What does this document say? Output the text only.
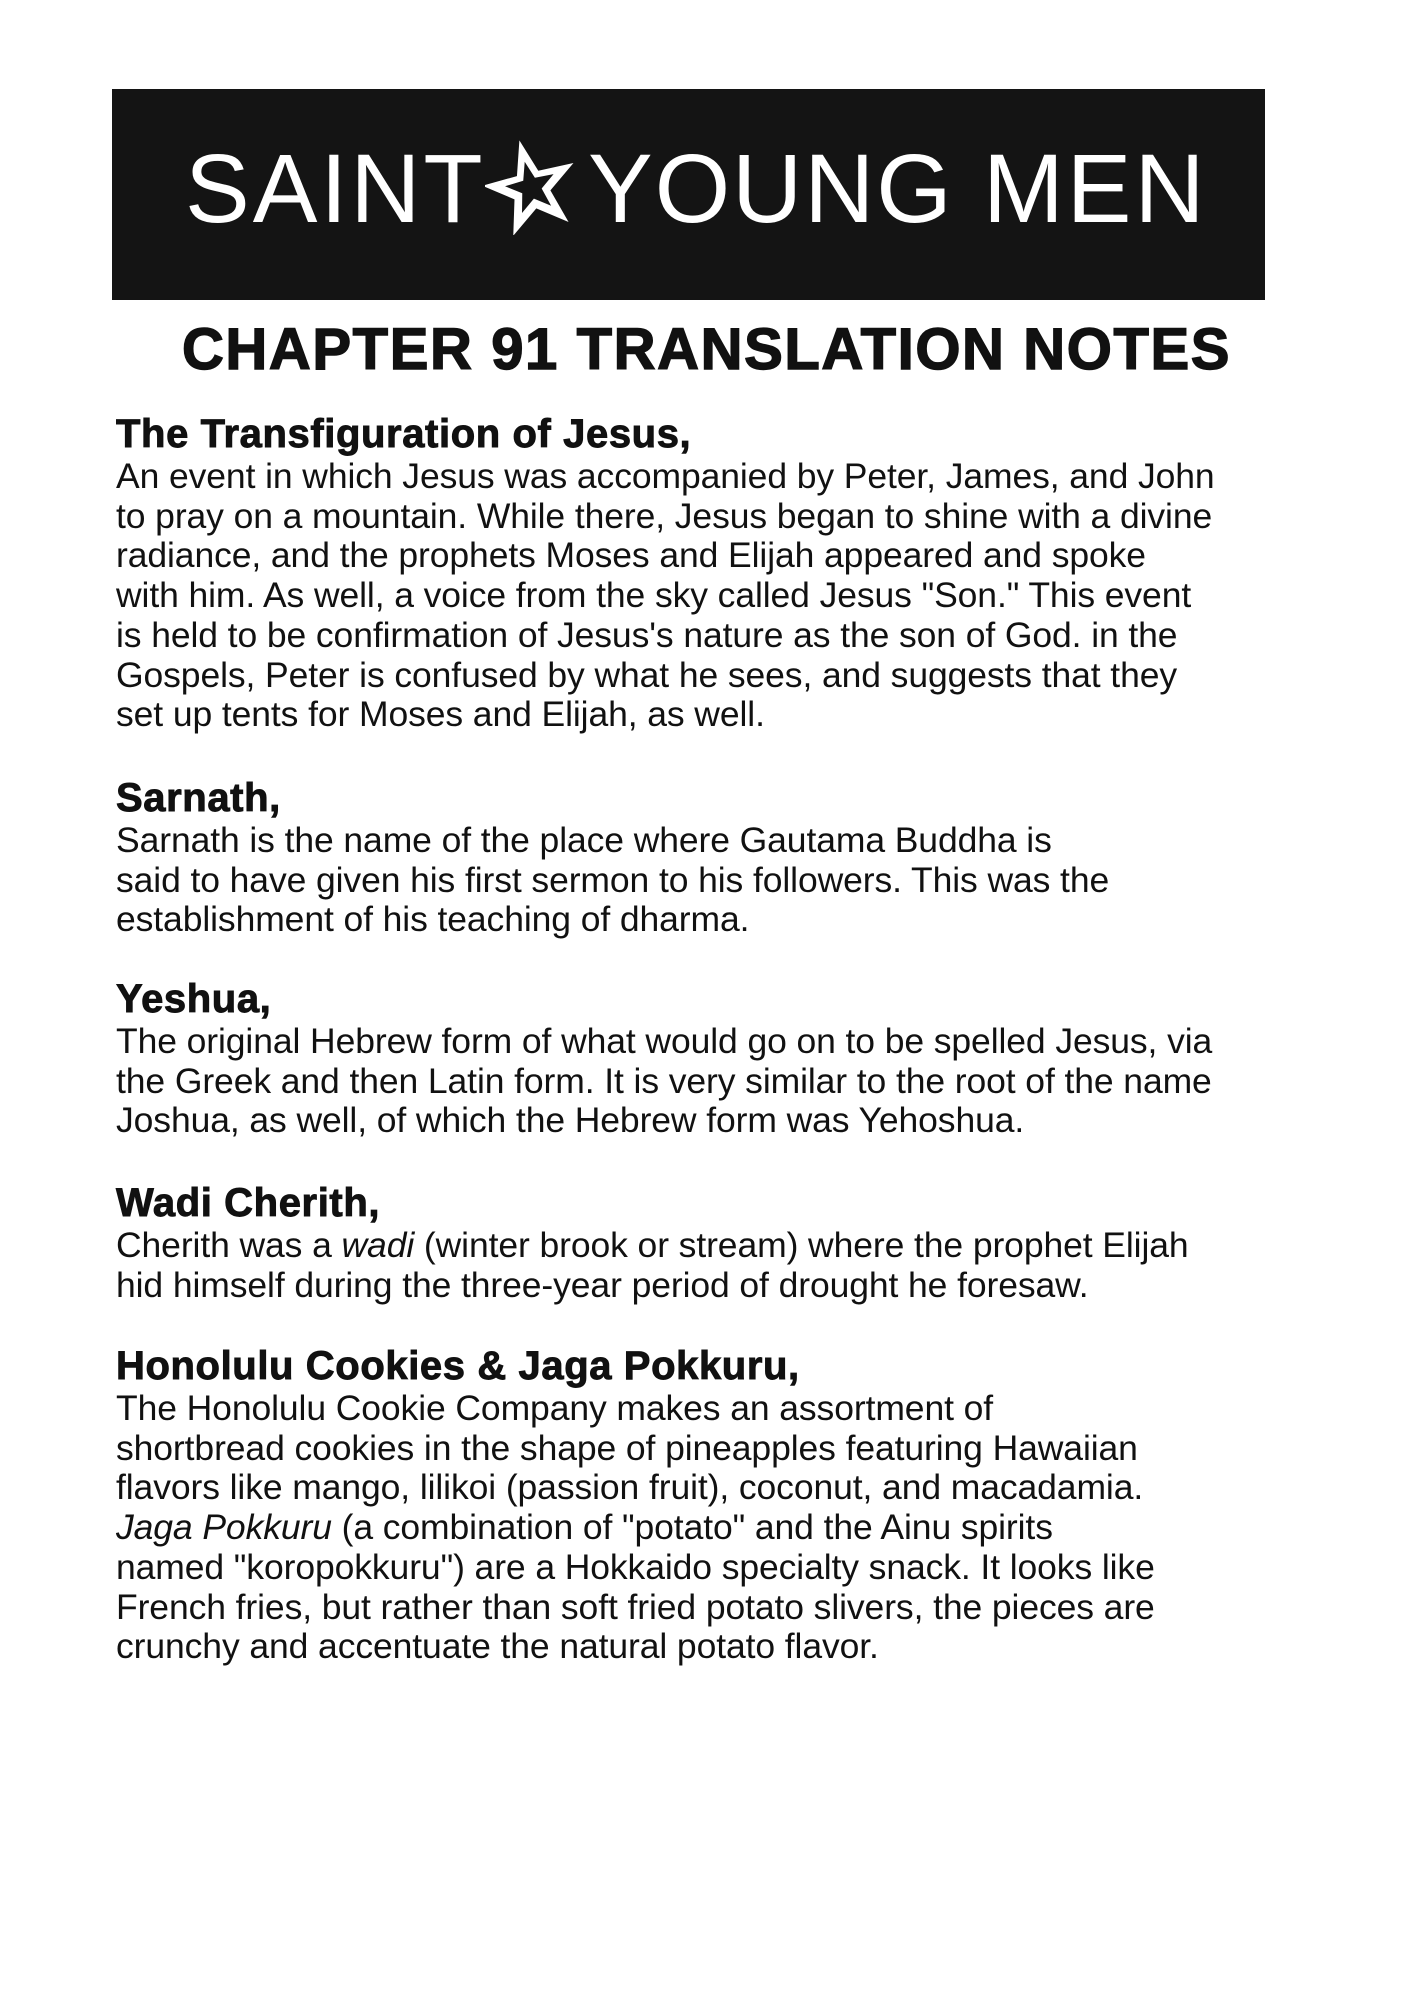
SAINT YOUNG MEN
CHAPTER 91 TRANSLATION NOTES
The Transfiguration of Jesus,
An event in which Jesus was accompanied by Peter, James, and John
to pray on a mountain. While there, Jesus began to shine with a divine
radiance, and the prophets Moses and Elijah appeared and spoke
with him. As well, a voice from the sky called Jesus "Son." This event
is held to be confirmation of Jesus's nature as the son of God. in the
Gospels, Peter is confused by what he sees, and suggests that they
set up tents for Moses and Elijah, as well.
Sarnath,
Sarnath is the name of the place where Gautama Buddha is
said to have given his first sermon to his followers. This was the
establishment of his teaching of dharma.
Yeshua,
The original Hebrew form of what would go on to be spelled Jesus, via
the Greek and then Latin form. It is very similar to the root of the name
Joshua, as well, of which the Hebrew form was Yehoshua.
Wadi Cherith,
Cherith was a wadi (winter brook or stream) where the prophet Elijah
hid himself during the three-year period of drought he foresaw.
Honolulu Cookies & Jaga Pokkuru,
The Honolulu Cookie Company makes an assortment of
shortbread cookies in the shape of pineapples featuring Hawaiian
flavors like mango, lilikoi (passion fruit), coconut, and macadamia.
Jaga Pokkuru (a combination of "potato" and the Ainu spirits
named "koropokkuru") are a Hokkaido specialty snack. It looks like
French fries, but rather than soft fried potato slivers, the pieces are
crunchy and accentuate the natural potato flavor.
